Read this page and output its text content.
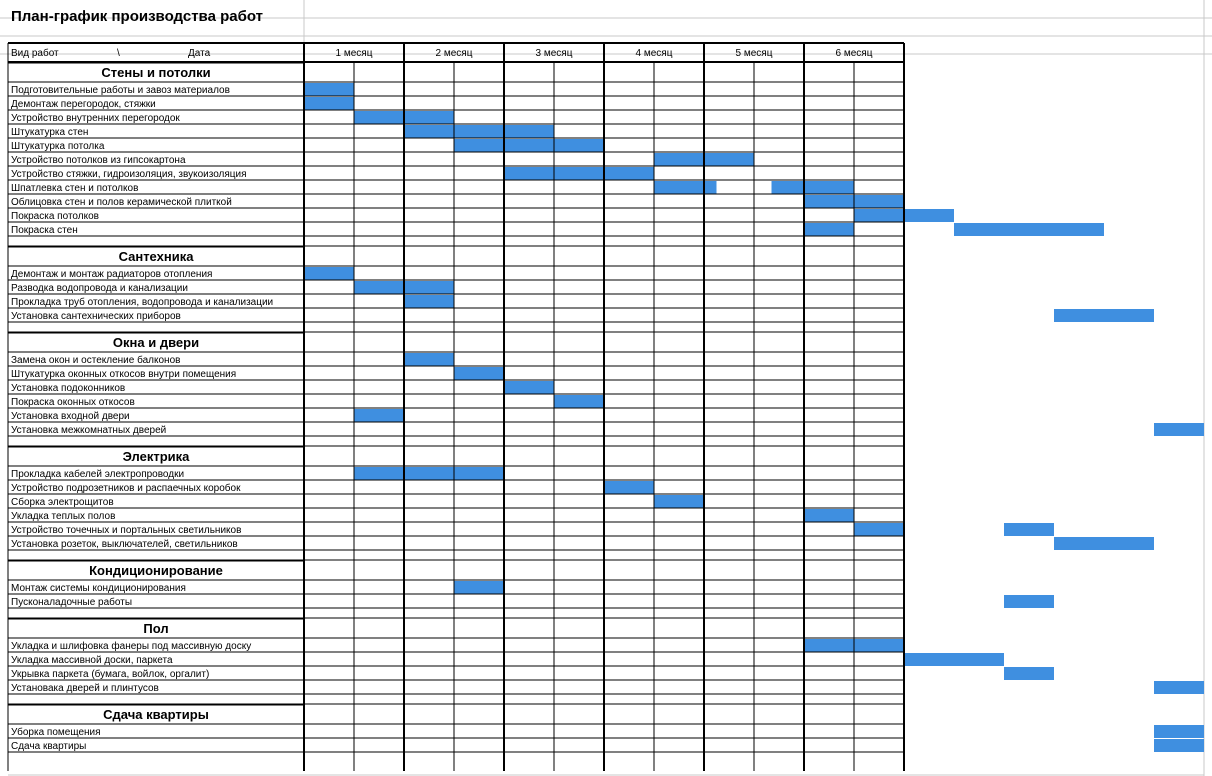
План-график производства работ
Вид работ	\	Дата	1 месяц	2 месяц	3 месяц	4 месяц	5 месяц	6 месяц
Стены и потолки
Подготовительные работы и завоз материалов
Демонтаж перегородок, стяжки
Устройство внутренних перегородок
Штукатурка стен
Штукатурка потолка
Устройство потолков из гипсокартона
Устройство стяжки, гидроизоляция, звукоизоляция
Шпатлевка стен и потолков
Облицовка стен и полов керамической плиткой
Покраска потолков
Покраска стен
Сантехника
Демонтаж и монтаж радиаторов отопления
Разводка водопровода и канализации
Прокладка труб отопления, водопровода и канализации
Установка сантехнических приборов
Окна и двери
Замена окон и остекление балконов
Штукатурка оконных откосов внутри помещения
Установка подоконников
Покраска оконных откосов
Установка входной двери
Установка межкомнатных дверей
Электрика
Прокладка кабелей электропроводки
Устройство подрозетников и распаечных коробок
Сборка электрощитов
Укладка теплых полов
Устройство точечных и портальных светильников
Установка розеток, выключателей, светильников
Кондиционирование
Монтаж системы кондиционирования
Пусконаладочные работы
Пол
Укладка и шлифовка фанеры под массивную доску
Укладка массивной доски, паркета
Укрывка паркета (бумага, войлок, оргалит)
Устанoвака дверей и плинтусов
Сдача квартиры
Уборка помещения
Сдача квартиры
